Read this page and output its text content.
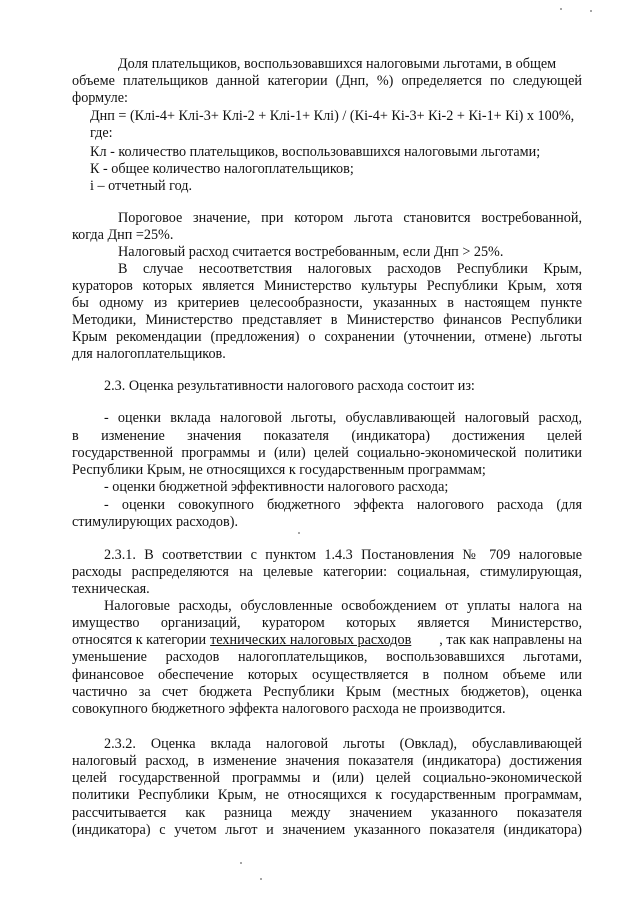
Доля плательщиков, воспользовавшихся налоговыми льготами, в общем
объеме плательщиков данной категории (Днп, %) определяется по следующей
формуле:
Днп = (Клi-4+ Клi-3+ Клi-2 + Клi-1+ Клi) / (Кi-4+ Кi-3+ Кi-2 + Кi-1+ Кi) х 100%,
где:
Кл - количество плательщиков, воспользовавшихся налоговыми льготами;
К - общее количество налогоплательщиков;
i – отчетный год.
Пороговое значение, при котором льгота становится востребованной,
когда Днп =25%.
Налоговый расход считается востребованным, если Днп > 25%.
В случае несоответствия налоговых расходов Республики Крым,
кураторов которых является Министерство культуры Республики Крым, хотя
бы одному из критериев целесообразности, указанных в настоящем пункте
Методики, Министерство представляет в Министерство финансов Республики
Крым рекомендации (предложения) о сохранении (уточнении, отмене) льготы
для налогоплательщиков.
2.3. Оценка результативности налогового расхода состоит из:
- оценки вклада налоговой льготы, обуславливающей налоговый расход,
в изменение значения показателя (индикатора) достижения целей
государственной программы и (или) целей социально-экономической политики
Республики Крым, не относящихся к государственным программам;
- оценки бюджетной эффективности налогового расхода;
- оценки совокупного бюджетного эффекта налогового расхода (для
стимулирующих расходов).
2.3.1. В соответствии с пунктом 1.4.3 Постановления № 709 налоговые
расходы распределяются на целевые категории: социальная, стимулирующая,
техническая.
Налоговые расходы, обусловленные освобождением от уплаты налога на
имущество организаций, куратором которых является Министерство,
относятся к категории технических налоговых расходов	, так как направлены на
уменьшение расходов налогоплательщиков, воспользовавшихся льготами,
финансовое обеспечение которых осуществляется в полном объеме или
частично за счет бюджета Республики Крым (местных бюджетов), оценка
совокупного бюджетного эффекта налогового расхода не производится.
2.3.2. Оценка вклада налоговой льготы (Овклад), обуславливающей
налоговый расход, в изменение значения показателя (индикатора) достижения
целей государственной программы и (или) целей социально-экономической
политики Республики Крым, не относящихся к государственным программам,
рассчитывается как разница между значением указанного показателя
(индикатора) с учетом льгот и значением указанного показателя (индикатора)
